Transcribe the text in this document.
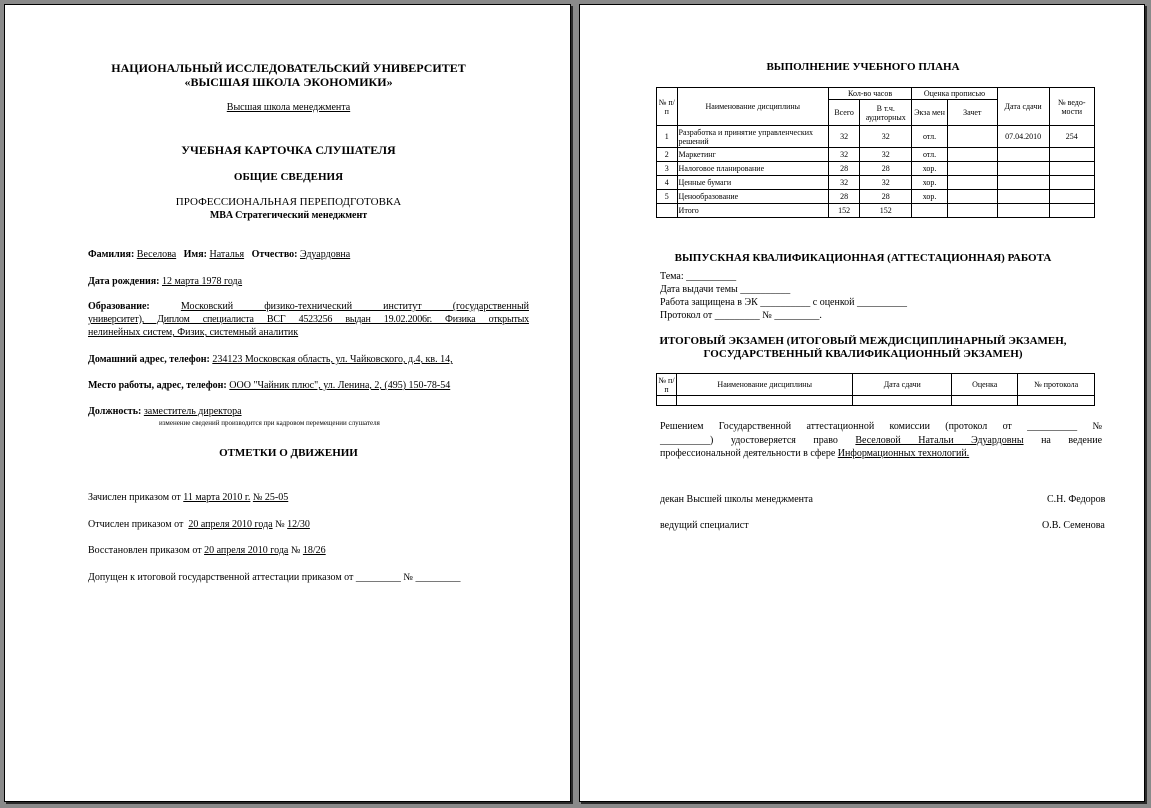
НАЦИОНАЛЬНЫЙ ИССЛЕДОВАТЕЛЬСКИЙ УНИВЕРСИТЕТ
«ВЫСШАЯ ШКОЛА ЭКОНОМИКИ»
Высшая школа менеджмента
УЧЕБНАЯ КАРТОЧКА СЛУШАТЕЛЯ
ОБЩИЕ СВЕДЕНИЯ
ПРОФЕССИОНАЛЬНАЯ ПЕРЕПОДГОТОВКА
MBA Стратегический менеджмент
Фамилия: Веселова Имя: Наталья Отчество: Эдуардовна
Дата рождения: 12 марта 1978 года
Образование:	Московский физико-технический институт (государственный
университет), Диплом специалиста ВСГ 4523256 выдан 19.02.2006г. Физика открытых
нелинейных систем, Физик, системный аналитик
Домашний адрес, телефон: 234123 Московская область, ул. Чайковского, д.4, кв. 14,
Место работы, адрес, телефон: ООО "Чайник плюс", ул. Ленина, 2, (495) 150-78-54
Должность: заместитель директора
изменение сведений производится при кадровом перемещении слушателя
ОТМЕТКИ О ДВИЖЕНИИ
Зачислен приказом от 11 марта 2010 г. № 25-05
Отчислен приказом от 20 апреля 2010 года № 12/30
Восстановлен приказом от 20 апреля 2010 года № 18/26
Допущен к итоговой государственной аттестации приказом от _________ № _________
ВЫПОЛНЕНИЕ УЧЕБНОГО ПЛАНА
№ п/п	Наименование дисциплины	Кол-во часов		Оценка прописью		Дата сдачи	№ ведо-мости
		Всего	В т.ч. аудиторных	Экза мен	Зачет		
1	Разработка и принятие управленческих решений	32	32	отл.		07.04.2010	254
2	Маркетинг	32	32	отл.			
3	Налоговое планирование	28	28	хор.			
4	Ценные бумаги	32	32	хор.			
5	Ценообразование	28	28	хор.			
	Итого	152	152				
ВЫПУСКНАЯ КВАЛИФИКАЦИОННАЯ (АТТЕСТАЦИОННАЯ) РАБОТА
Тема: __________
Дата выдачи темы __________
Работа защищена в ЭК __________ с оценкой __________
Протокол от _________ № _________.
ИТОГОВЫЙ ЭКЗАМЕН (ИТОГОВЫЙ МЕЖДИСЦИПЛИНАРНЫЙ ЭКЗАМЕН,
ГОСУДАРСТВЕННЫЙ КВАЛИФИКАЦИОННЫЙ ЭКЗАМЕН)
№ п/п	Наименование дисциплины	Дата сдачи	Оценка	№ протокола

Решением Государственной аттестационной комиссии (протокол от __________ №
__________) удостоверяется право Веселовой Натальи Эдуардовны на ведение
профессиональной деятельности в сфере Информационных технологий.
декан Высшей школы менеджмента	С.Н. Федоров
ведущий специалист	О.В. Семенова
